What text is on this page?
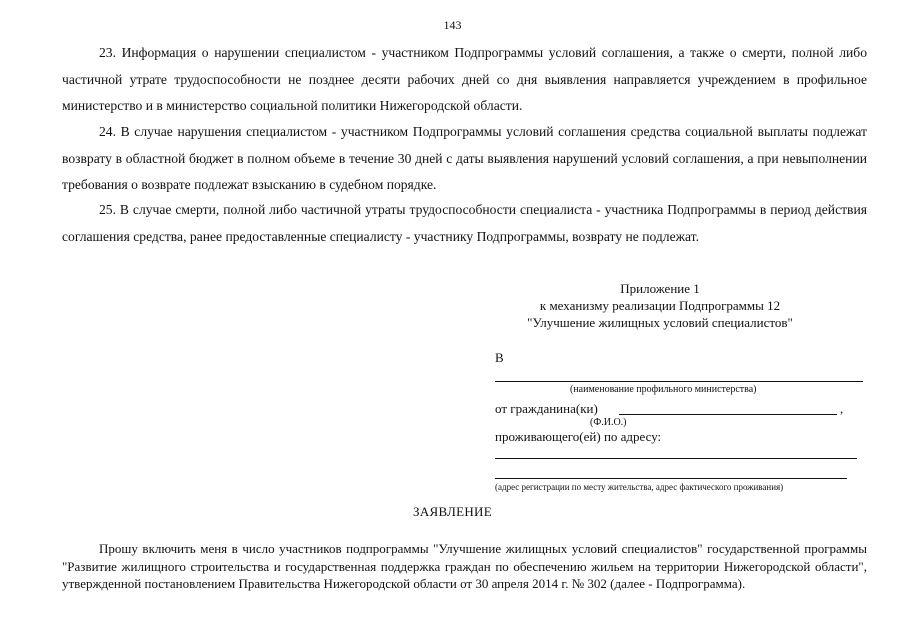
143

23. Информация о нарушении специалистом - участником Подпрограммы условий соглашения, а также о смерти, полной либо частичной утрате трудоспособности не позднее десяти рабочих дней со дня выявления направляется учреждением в профильное министерство и в министерство социальной политики Нижегородской области.

24. В случае нарушения специалистом - участником Подпрограммы условий соглашения средства социальной выплаты подлежат возврату в областной бюджет в полном объеме в течение 30 дней с даты выявления нарушений условий соглашения, а при невыполнении требования о возврате подлежат взысканию в судебном порядке.

25. В случае смерти, полной либо частичной утраты трудоспособности специалиста - участника Подпрограммы в период действия соглашения средства, ранее предоставленные специалисту - участнику Подпрограммы, возврату не подлежат.

Приложение 1
к механизму реализации Подпрограммы 12
"Улучшение жилищных условий специалистов"
В
(наименование профильного министерства)
от гражданина(ки)	,
(Ф.И.О.)
проживающего(ей) по адресу:
(адрес регистрации по месту жительства, адрес фактического проживания)
ЗАЯВЛЕНИЕ

Прошу включить меня в число участников подпрограммы "Улучшение жилищных условий специалистов" государственной программы "Развитие жилищного строительства и государственная поддержка граждан по обеспечению жильем на территории Нижегородской области", утвержденной постановлением Правительства Нижегородской области от 30 апреля 2014 г. № 302 (далее - Подпрограмма).
